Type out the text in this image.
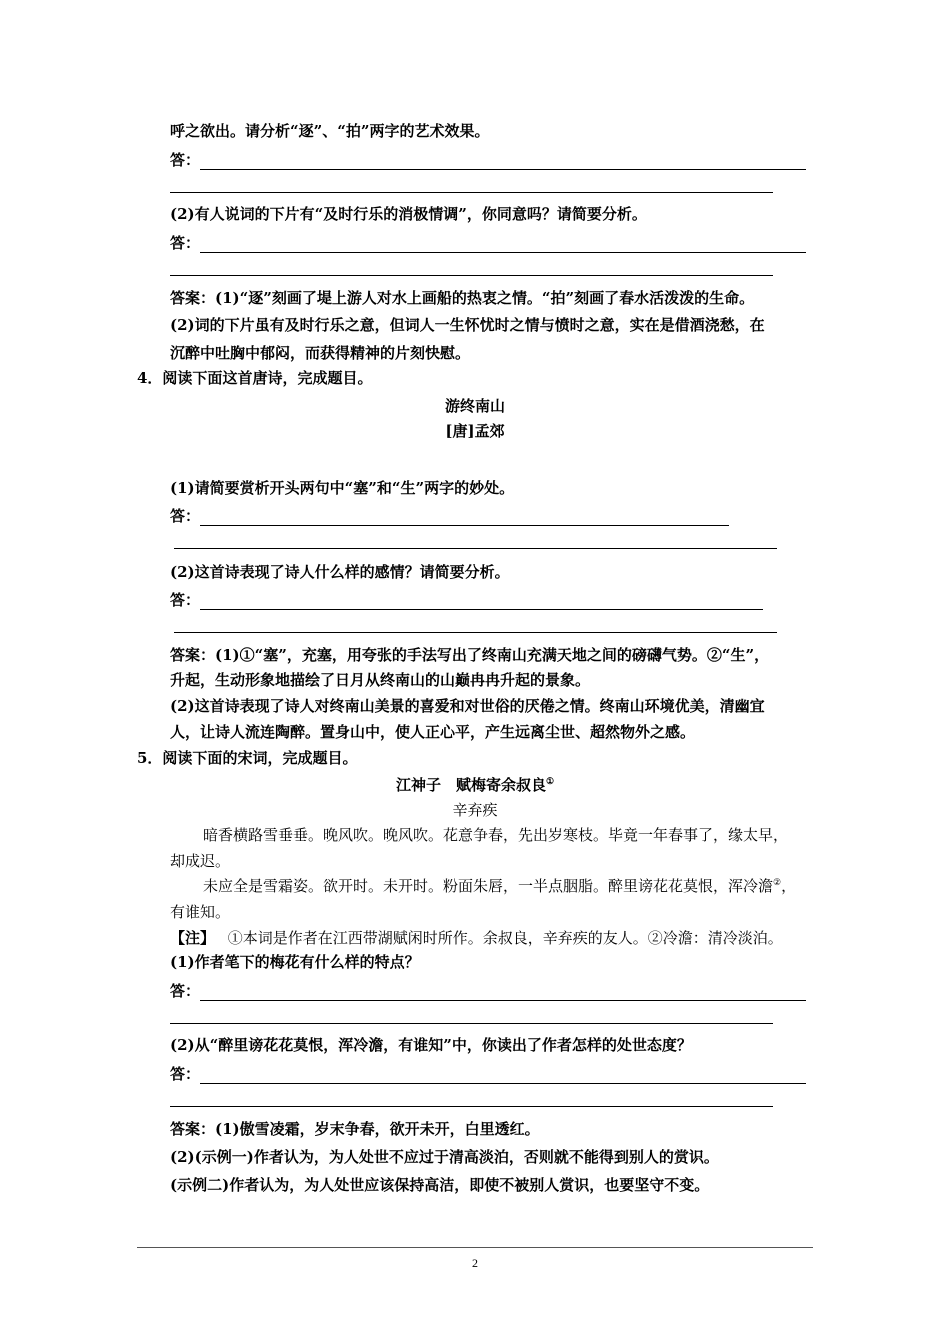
呼之欲出。请分析“逐”、“拍”两字的艺术效果。
答：
(2)有人说词的下片有“及时行乐的消极情调”，你同意吗？请简要分析。
答：
答案：(1)“逐”刻画了堤上游人对水上画船的热衷之情。“拍”刻画了春水活泼泼的生命。
(2)词的下片虽有及时行乐之意，但词人一生怀忧时之情与愤时之意，实在是借酒浇愁，在
沉醉中吐胸中郁闷，而获得精神的片刻快慰。
4．阅读下面这首唐诗，完成题目。
游终南山
[唐]孟郊
(1)请简要赏析开头两句中“塞”和“生”两字的妙处。
答：
(2)这首诗表现了诗人什么样的感情？请简要分析。
答：
答案：(1)①“塞”，充塞，用夸张的手法写出了终南山充满天地之间的磅礴气势。②“生”，
升起，生动形象地描绘了日月从终南山的山巅冉冉升起的景象。
(2)这首诗表现了诗人对终南山美景的喜爱和对世俗的厌倦之情。终南山环境优美，清幽宜
人，让诗人流连陶醉。置身山中，使人正心平，产生远离尘世、超然物外之感。
5．阅读下面的宋词，完成题目。
江神子　赋梅寄余叔良①
辛弃疾
暗香横路雪垂垂。晚风吹。晚风吹。花意争春，先出岁寒枝。毕竟一年春事了，缘太早，
却成迟。
未应全是雪霜姿。欲开时。未开时。粉面朱唇，一半点胭脂。醉里谤花花莫恨，浑冷澹②，
有谁知。
【注】 ①本词是作者在江西带湖赋闲时所作。余叔良，辛弃疾的友人。②冷澹：清冷淡泊。
(1)作者笔下的梅花有什么样的特点？
答：
(2)从“醉里谤花花莫恨，浑冷澹，有谁知”中，你读出了作者怎样的处世态度？
答：
答案：(1)傲雪凌霜，岁末争春，欲开未开，白里透红。
(2)(示例一)作者认为，为人处世不应过于清高淡泊，否则就不能得到别人的赏识。
(示例二)作者认为，为人处世应该保持高洁，即使不被别人赏识，也要坚守不变。
2
